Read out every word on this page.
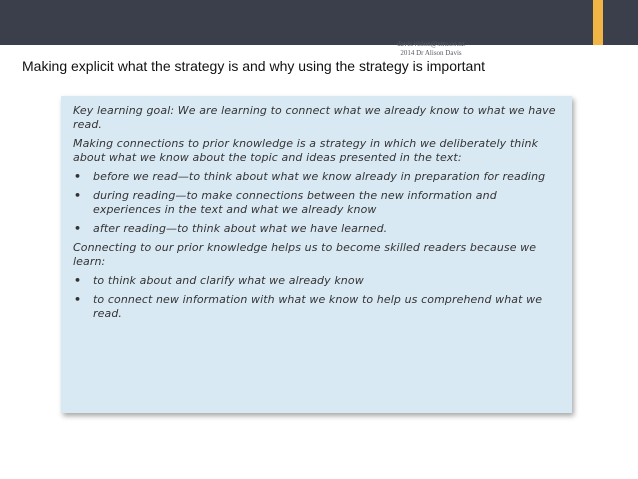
davis.vision@xtra.co.nz
2014 Dr Alison Davis
Making explicit what the strategy is and why using the strategy is important

Key learning goal: We are learning to connect what we already know to what we have read.

Making connections to prior knowledge is a strategy in which we deliberately think about what we know about the topic and ideas presented in the text:

• before we read—to think about what we know already in preparation for reading
• during reading—to make connections between the new information and experiences in the text and what we already know
• after reading—to think about what we have learned.

Connecting to our prior knowledge helps us to become skilled readers because we learn:

• to think about and clarify what we already know
• to connect new information with what we know to help us comprehend what we read.
